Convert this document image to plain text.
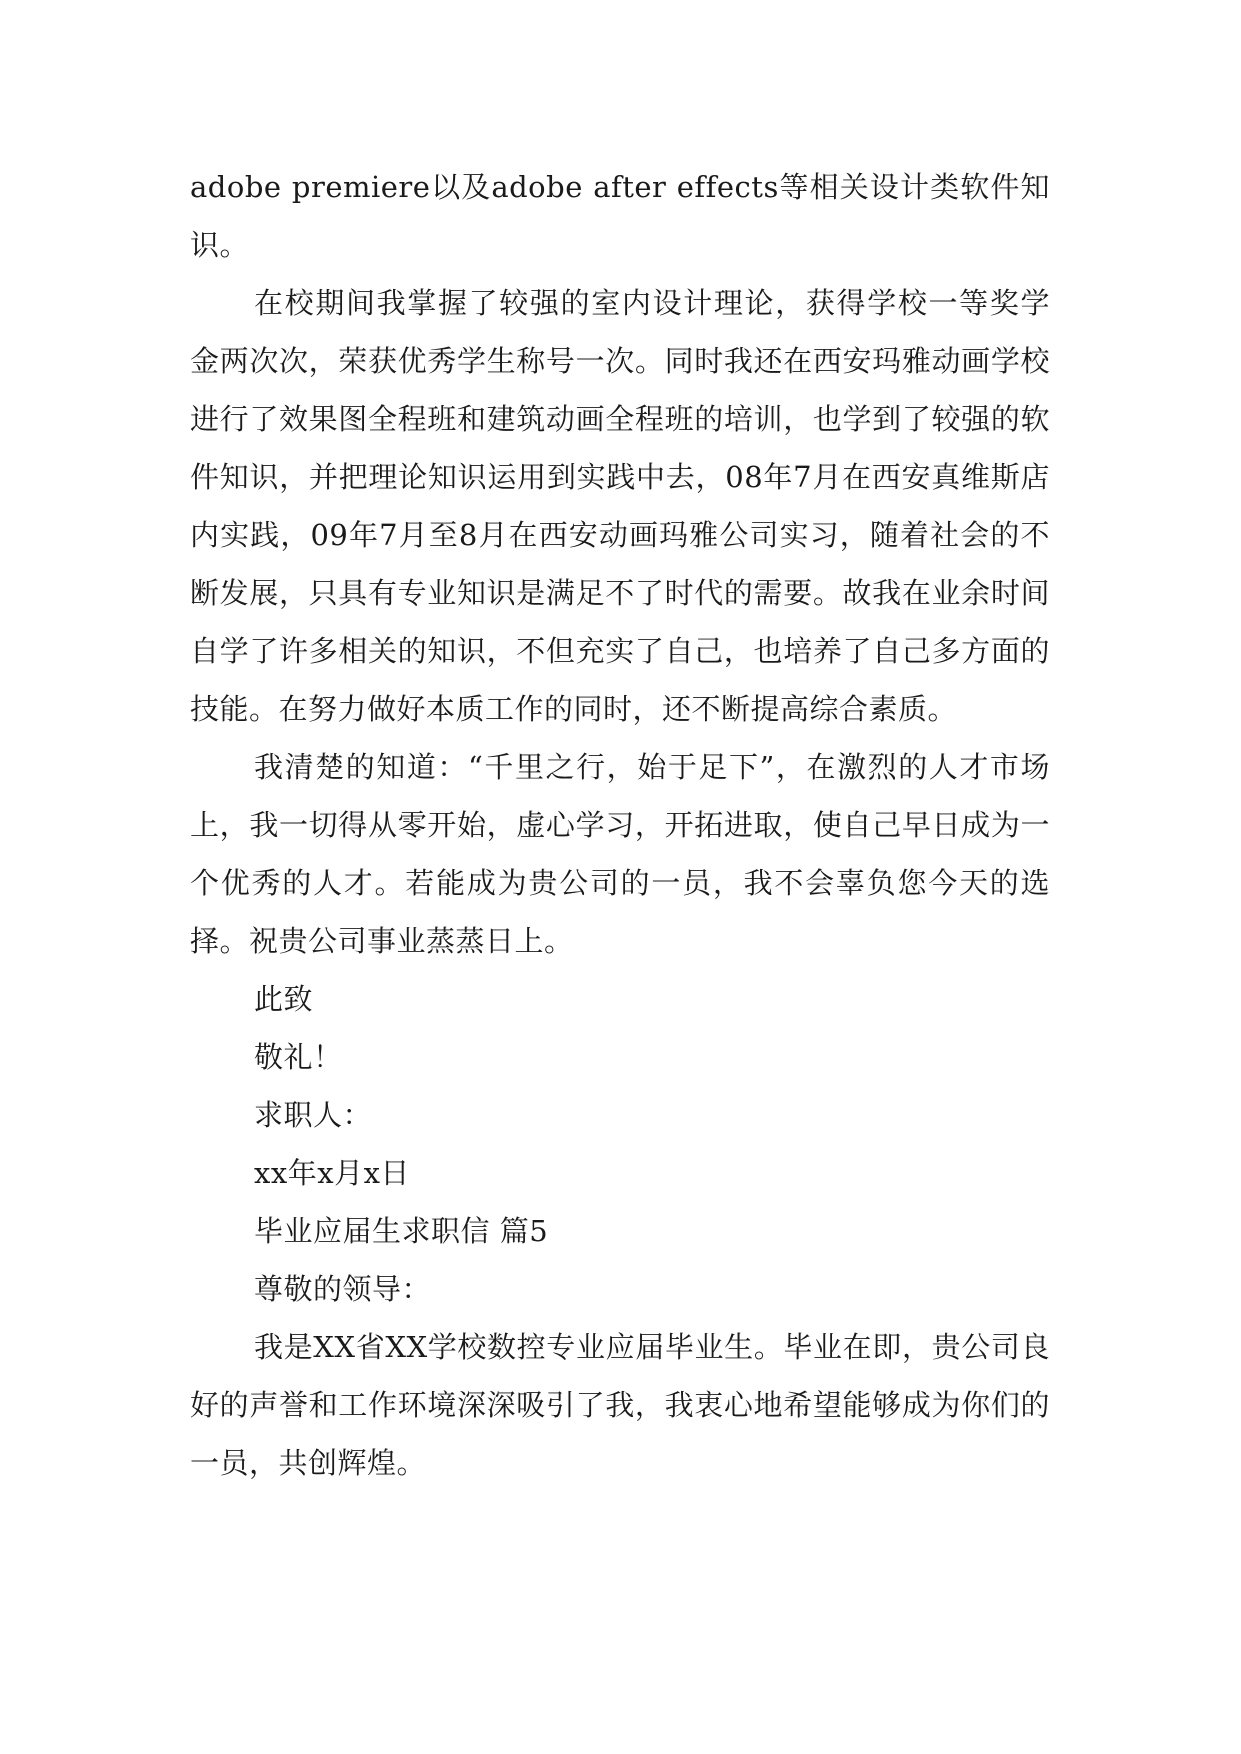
adobe premiere以及adobe after effects等相关设计类软件知识。

在校期间我掌握了较强的室内设计理论，获得学校一等奖学金两次次，荣获优秀学生称号一次。同时我还在西安玛雅动画学校进行了效果图全程班和建筑动画全程班的培训，也学到了较强的软件知识，并把理论知识运用到实践中去，08年7月在西安真维斯店内实践，09年7月至8月在西安动画玛雅公司实习，随着社会的不断发展，只具有专业知识是满足不了时代的需要。故我在业余时间自学了许多相关的知识，不但充实了自己，也培养了自己多方面的技能。在努力做好本质工作的同时，还不断提高综合素质。

我清楚的知道：“千里之行，始于足下”，在激烈的人才市场上，我一切得从零开始，虚心学习，开拓进取，使自己早日成为一个优秀的人才。若能成为贵公司的一员，我不会辜负您今天的选择。祝贵公司事业蒸蒸日上。

此致

敬礼！

求职人：

xx年x月x日

毕业应届生求职信 篇5

尊敬的领导：

我是XX省XX学校数控专业应届毕业生。毕业在即，贵公司良好的声誉和工作环境深深吸引了我，我衷心地希望能够成为你们的一员，共创辉煌。
